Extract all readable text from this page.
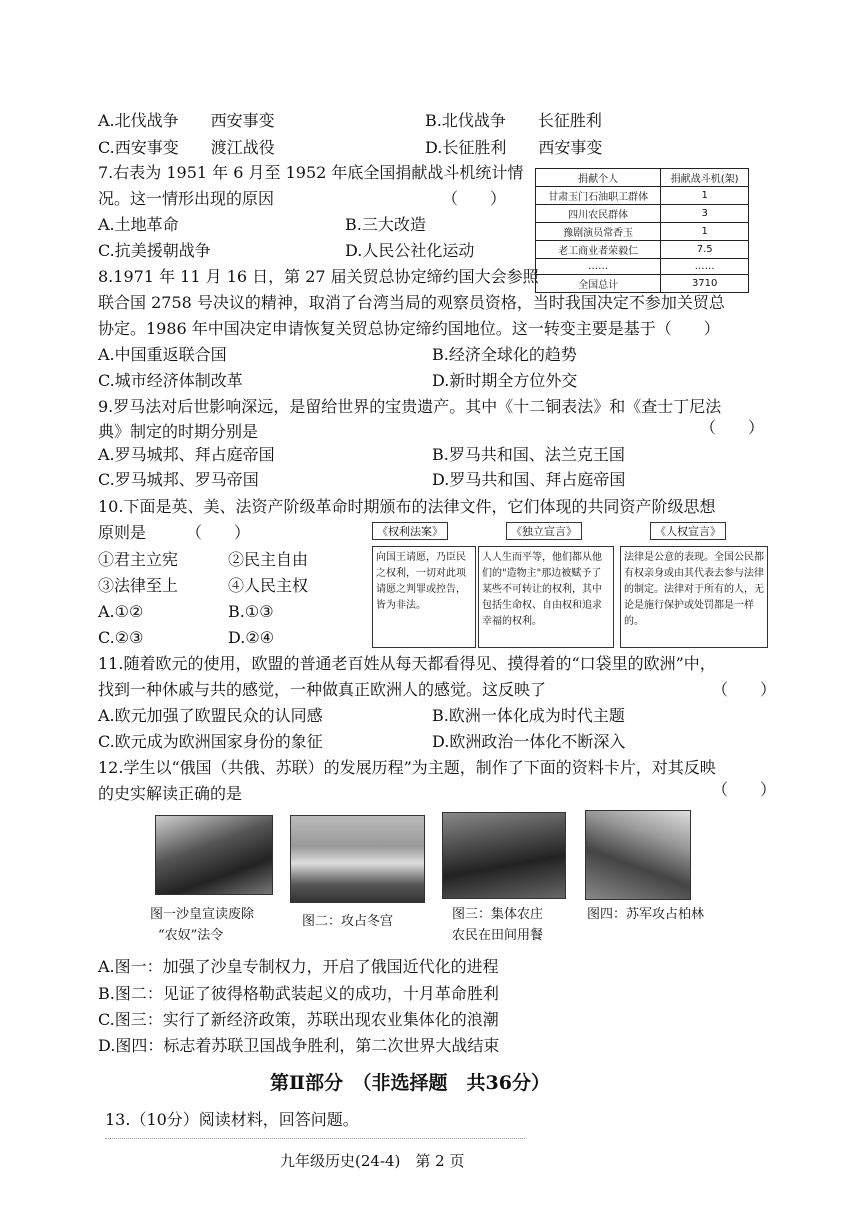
A.北伐战争　　西安事变	B.北伐战争　　长征胜利
C.西安事变　　渡江战役	D.长征胜利　　西安事变
7.右表为 1951 年 6 月至 1952 年底全国捐献战斗机统计情
况。这一情形出现的原因　　　　　　　　　　　（　　）
A.土地革命	B.三大改造
C.抗美援朝战争	D.人民公社化运动
捐献个人	捐献战斗机(架)
甘肃玉门石油职工群体	1
四川农民群体	3
豫剧演员常香玉	1
老工商业者荣毅仁	7.5
……	……
全国总计	3710
8.1971 年 11 月 16 日，第 27 届关贸总协定缔约国大会参照
联合国 2758 号决议的精神，取消了台湾当局的观察员资格，当时我国决定不参加关贸总
协定。1986 年中国决定申请恢复关贸总协定缔约国地位。这一转变主要是基于（　　）
A.中国重返联合国	B.经济全球化的趋势
C.城市经济体制改革	D.新时期全方位外交
9.罗马法对后世影响深远，是留给世界的宝贵遗产。其中《十二铜表法》和《查士丁尼法
典》制定的时期分别是	（　　）
A.罗马城邦、拜占庭帝国	B.罗马共和国、法兰克王国
C.罗马城邦、罗马帝国	D.罗马共和国、拜占庭帝国
10.下面是英、美、法资产阶级革命时期颁布的法律文件，它们体现的共同资产阶级思想
原则是　　　（　　）
①君主立宪	②民主自由
③法律至上	④人民主权
A.①②	B.①③
C.②③	D.②④
《权利法案》
向国王请愿，乃臣民之权利，一切对此项请愿之判罪或控告，皆为非法。
《独立宣言》
人人生而平等，他们都从他们的"造物主"那边被赋予了某些不可转让的权利，其中包括生命权、自由权和追求幸福的权利。
《人权宣言》
法律是公意的表现。全国公民都有权亲身或由其代表去参与法律的制定。法律对于所有的人，无论是施行保护或处罚都是一样的。
11.随着欧元的使用，欧盟的普通老百姓从每天都看得见、摸得着的“口袋里的欧洲”中，
找到一种休戚与共的感觉，一种做真正欧洲人的感觉。这反映了	（　　）
A.欧元加强了欧盟民众的认同感	B.欧洲一体化成为时代主题
C.欧元成为欧洲国家身份的象征	D.欧洲政治一体化不断深入
12.学生以“俄国（共俄、苏联）的发展历程”为主题，制作了下面的资料卡片，对其反映
的史实解读正确的是	（　　）
图一沙皇宣读废除
“农奴”法令
图二：攻占冬宫	图三：集体农庄
农民在田间用餐
图四：苏军攻占柏林
A.图一：加强了沙皇专制权力，开启了俄国近代化的进程
B.图二：见证了彼得格勒武装起义的成功，十月革命胜利
C.图三：实行了新经济政策，苏联出现农业集体化的浪潮
D.图四：标志着苏联卫国战争胜利，第二次世界大战结束
第Ⅱ部分　（非选择题　共36分）
13.（10分）阅读材料，回答问题。
九年级历史(24-4)　第 2 页
